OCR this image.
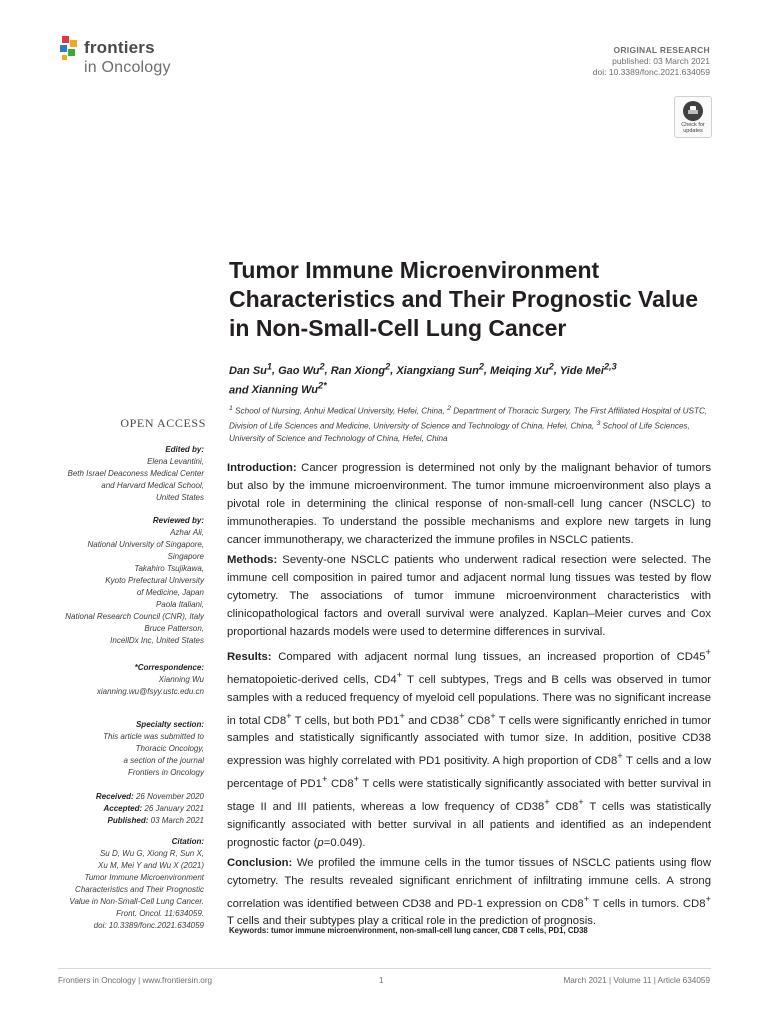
frontiers
in Oncology
ORIGINAL RESEARCH
published: 03 March 2021
doi: 10.3389/fonc.2021.634059
Check for updates
Tumor Immune Microenvironment Characteristics and Their Prognostic Value in Non-Small-Cell Lung Cancer
Dan Su$^1$, Gao Wu$^2$, Ran Xiong$^2$, Xiangxiang Sun$^2$, Meiqing Xu$^2$, Yide Mei$^{2,3}$
and Xianning $Wu^{2*}$
$^1$ School of Nursing, Anhui Medical University, Hefei, China, $^2$ Department of Thoracic Surgery, The First Affiliated Hospital of USTC, Division of Life Sciences and Medicine, University of Science and Technology of China, Hefei, China, $^3$ School of Life Sciences, University of Science and Technology of China, Hefei, China
OPEN ACCESS

Edited by:

Elena Levantini,

Beth Israel Deaconess Medical Center

and Harvard Medical School,

United States

Reviewed by:

Azhar Ali,

National University of Singapore,

Singapore

Takahiro Tsujikawa,

Kyoto Prefectural University

of Medicine, Japan

Paola Italiani,

National Research Council (CNR), Italy

Bruce Patterson,

IncellDx Inc, United States

*Correspondence:

Xianning Wu

xianning.wu@fsyy.ustc.edu.cn

Specialty section:

This article was submitted to

Thoracic Oncology,

a section of the journal

Frontiers in Oncology

Received: 26 November 2020

Accepted: 26 January 2021

Published: 03 March 2021

Citation:

Su D, Wu G, Xiong R, Sun X,

Xu M, Mei Y and Wu X (2021)

Tumor Immune Microenvironment

Characteristics and Their Prognostic

Value in Non-Small-Cell Lung Cancer.

Front. Oncol. 11:634059.

doi: 10.3389/fonc.2021.634059

Introduction: Cancer progression is determined not only by the malignant behavior of tumors but also by the immune microenvironment. The tumor immune microenvironment also plays a pivotal role in determining the clinical response of non-small-cell lung cancer (NSCLC) to immunotherapies. To understand the possible mechanisms and explore new targets in lung cancer immunotherapy, we characterized the immune profiles in NSCLC patients.

Methods: Seventy-one NSCLC patients who underwent radical resection were selected. The immune cell composition in paired tumor and adjacent normal lung tissues was tested by flow cytometry. The associations of tumor immune microenvironment characteristics with clinicopathological factors and overall survival were analyzed. Kaplan–Meier curves and Cox proportional hazards models were used to determine differences in survival.

Results: Compared with adjacent normal lung tissues, an increased proportion of CD45+ hematopoietic-derived cells, CD4+ T cell subtypes, Tregs and B cells was observed in tumor samples with a reduced frequency of myeloid cell populations. There was no significant increase in total CD8+ T cells, but both PD1+ and CD38+ CD8+ T cells were significantly enriched in tumor samples and statistically significantly associated with tumor size. In addition, positive CD38 expression was highly correlated with PD1 positivity. A high proportion of CD8+ T cells and a low percentage of PD1+ CD8+ T cells were statistically significantly associated with better survival in stage II and III patients, whereas a low frequency of CD38+ CD8+ T cells was statistically significantly associated with better survival in all patients and identified as an independent prognostic factor (p=0.049).

Conclusion: We profiled the immune cells in the tumor tissues of NSCLC patients using flow cytometry. The results revealed significant enrichment of infiltrating immune cells. A strong correlation was identified between CD38 and PD-1 expression on CD8+ T cells in tumors. CD8+ T cells and their subtypes play a critical role in the prediction of prognosis.

Keywords: tumor immune microenvironment, non-small-cell lung cancer, CD8 T cells, PD1, CD38
Frontiers in Oncology | www.frontiersin.org	1	March 2021 | Volume 11 | Article 634059
